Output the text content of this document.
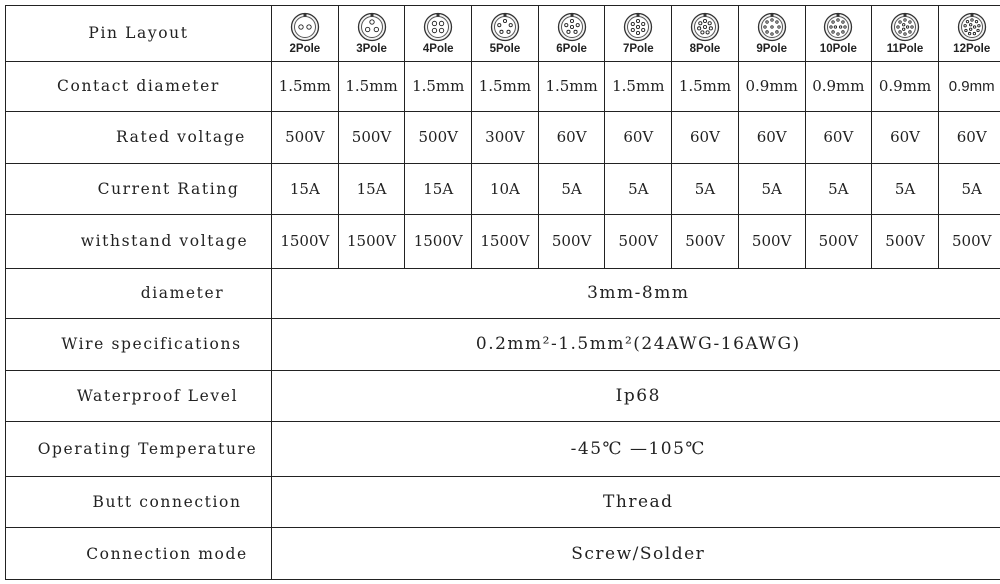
Pin Layout	2Pole	3Pole	4Pole	5Pole	6Pole	7Pole	8Pole	9Pole	10Pole	11Pole	12Pole

Contact diameter	1.5mm	1.5mm	1.5mm	1.5mm	1.5mm	1.5mm	1.5mm	0.9mm	0.9mm	0.9mm	0.9mm
Rated voltage	500V	500V	500V	300V	60V	60V	60V	60V	60V	60V	60V
Current Rating	15A	15A	15A	10A	5A	5A	5A	5A	5A	5A	5A
withstand voltage	1500V	1500V	1500V	1500V	500V	500V	500V	500V	500V	500V	500V
diameter	3mm-8mm										
Wire specifications	0.2mm²-1.5mm²(24AWG-16AWG)										
Waterproof Level	Ip68										
Operating Temperature	-45℃ —105℃										
Butt connection	Thread										
Connection mode	Screw/Solder										
